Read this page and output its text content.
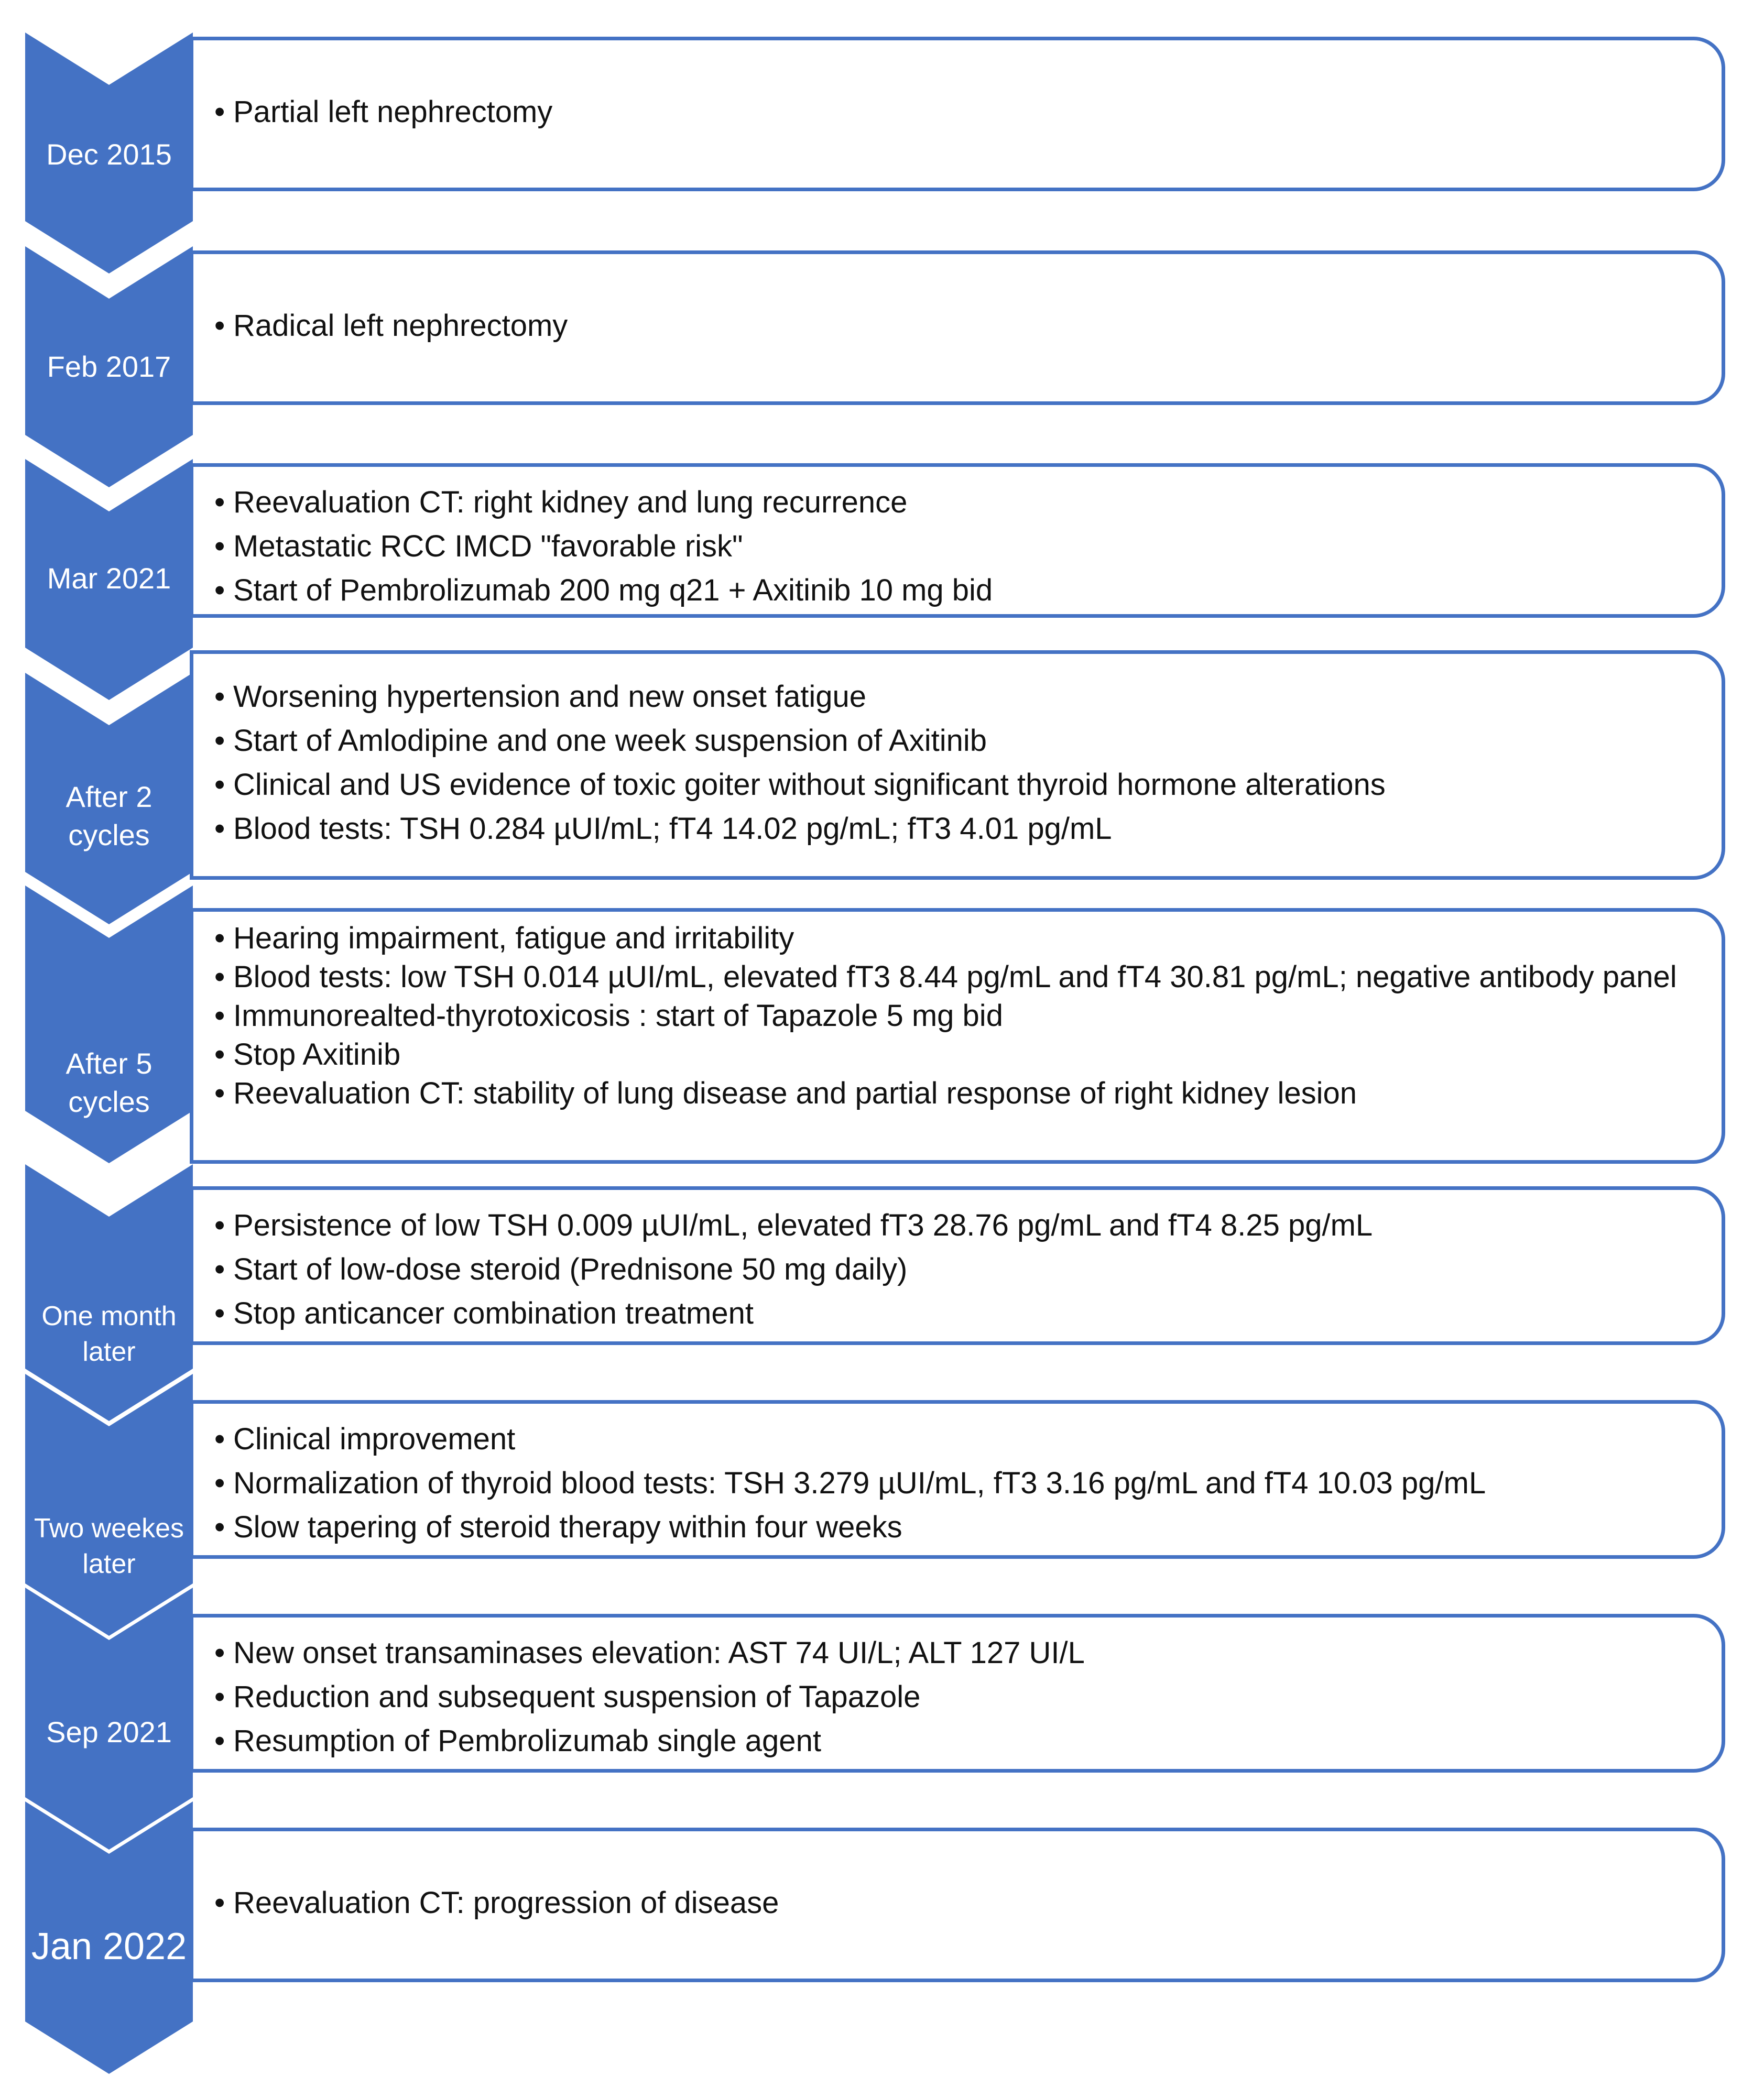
Dec 2015
• Partial left nephrectomy
Feb 2017
• Radical left nephrectomy
Mar 2021
• Reevaluation CT: right kidney and lung recurrence
• Metastatic RCC IMCD "favorable risk"
• Start of Pembrolizumab 200 mg q21 + Axitinib 10 mg bid
After 2
cycles
• Worsening hypertension and new onset fatigue
• Start of Amlodipine and one week suspension of Axitinib
• Clinical and US evidence of toxic goiter without significant thyroid hormone alterations
• Blood tests: TSH 0.284 µUI/mL; fT4 14.02 pg/mL; fT3 4.01 pg/mL
After 5
cycles
• Hearing impairment, fatigue and irritability
• Blood tests: low TSH 0.014 µUI/mL, elevated fT3 8.44 pg/mL and fT4 30.81 pg/mL; negative antibody panel
• Immunorealted-thyrotoxicosis : start of Tapazole 5 mg bid
• Stop Axitinib
• Reevaluation CT: stability of lung disease and partial response of right kidney lesion
One month
later
• Persistence of low TSH 0.009 µUI/mL, elevated fT3 28.76 pg/mL and fT4 8.25 pg/mL
• Start of low-dose steroid (Prednisone 50 mg daily)
• Stop anticancer combination treatment
Two weekes
later
• Clinical improvement
• Normalization of thyroid blood tests: TSH 3.279 µUI/mL, fT3 3.16 pg/mL and fT4 10.03 pg/mL
• Slow tapering of steroid therapy within four weeks
Sep 2021
• New onset transaminases elevation: AST 74 UI/L; ALT 127 UI/L
• Reduction and subsequent suspension of Tapazole
• Resumption of Pembrolizumab single agent
Jan 2022
• Reevaluation CT: progression of disease
